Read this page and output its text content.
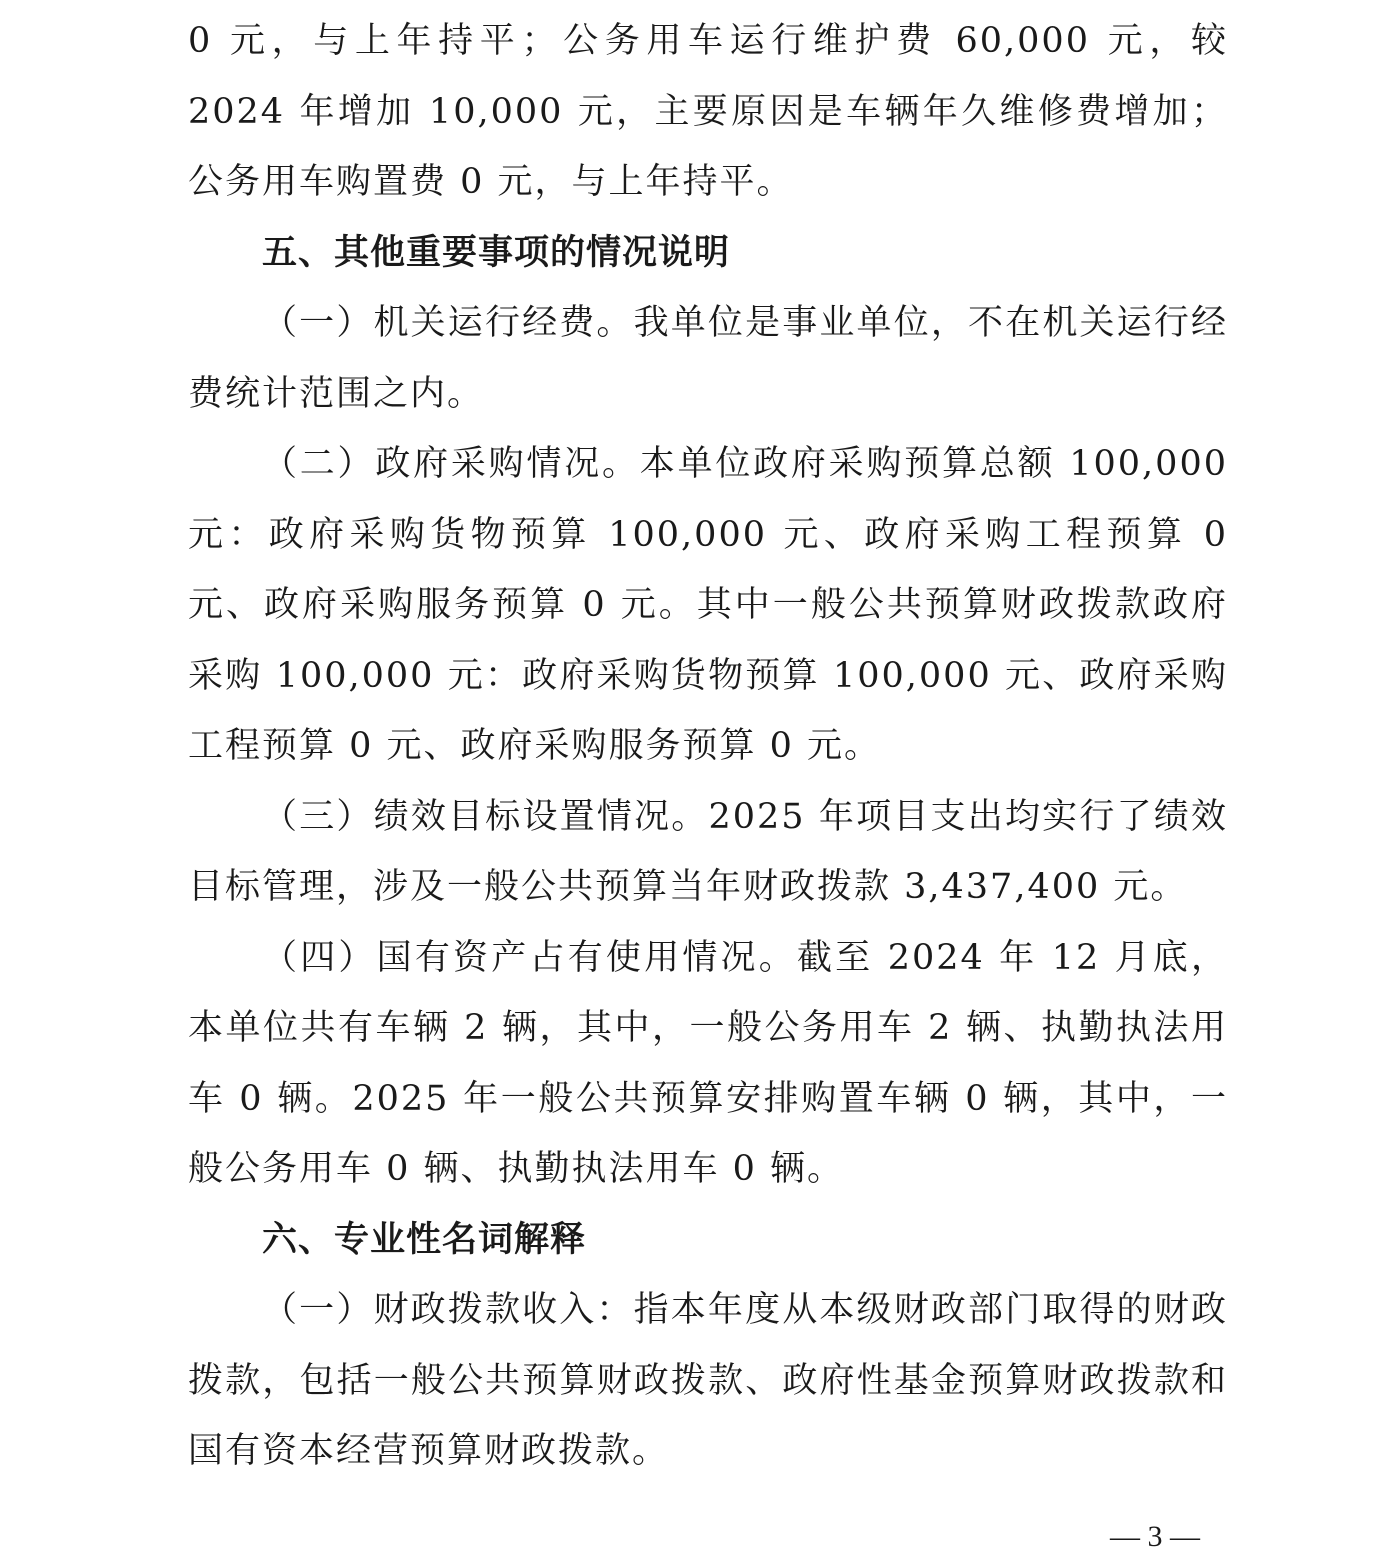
0 元，与上年持平；公务用车运行维护费 60,000 元，较 2024 年增加 10,000 元，主要原因是车辆年久维修费增加；公务用车购置费 0 元，与上年持平。

五、其他重要事项的情况说明

（一）机关运行经费。我单位是事业单位，不在机关运行经费统计范围之内。

（二）政府采购情况。本单位政府采购预算总额 100,000 元：政府采购货物预算 100,000 元、政府采购工程预算 0 元、政府采购服务预算 0 元。其中一般公共预算财政拨款政府采购 100,000 元：政府采购货物预算 100,000 元、政府采购工程预算 0 元、政府采购服务预算 0 元。

（三）绩效目标设置情况。2025 年项目支出均实行了绩效目标管理，涉及一般公共预算当年财政拨款 3,437,400 元。

（四）国有资产占有使用情况。截至 2024 年 12 月底，本单位共有车辆 2 辆，其中，一般公务用车 2 辆、执勤执法用车 0 辆。2025 年一般公共预算安排购置车辆 0 辆，其中，一般公务用车 0 辆、执勤执法用车 0 辆。

六、专业性名词解释

（一）财政拨款收入：指本年度从本级财政部门取得的财政拨款，包括一般公共预算财政拨款、政府性基金预算财政拨款和国有资本经营预算财政拨款。

— 3 —
